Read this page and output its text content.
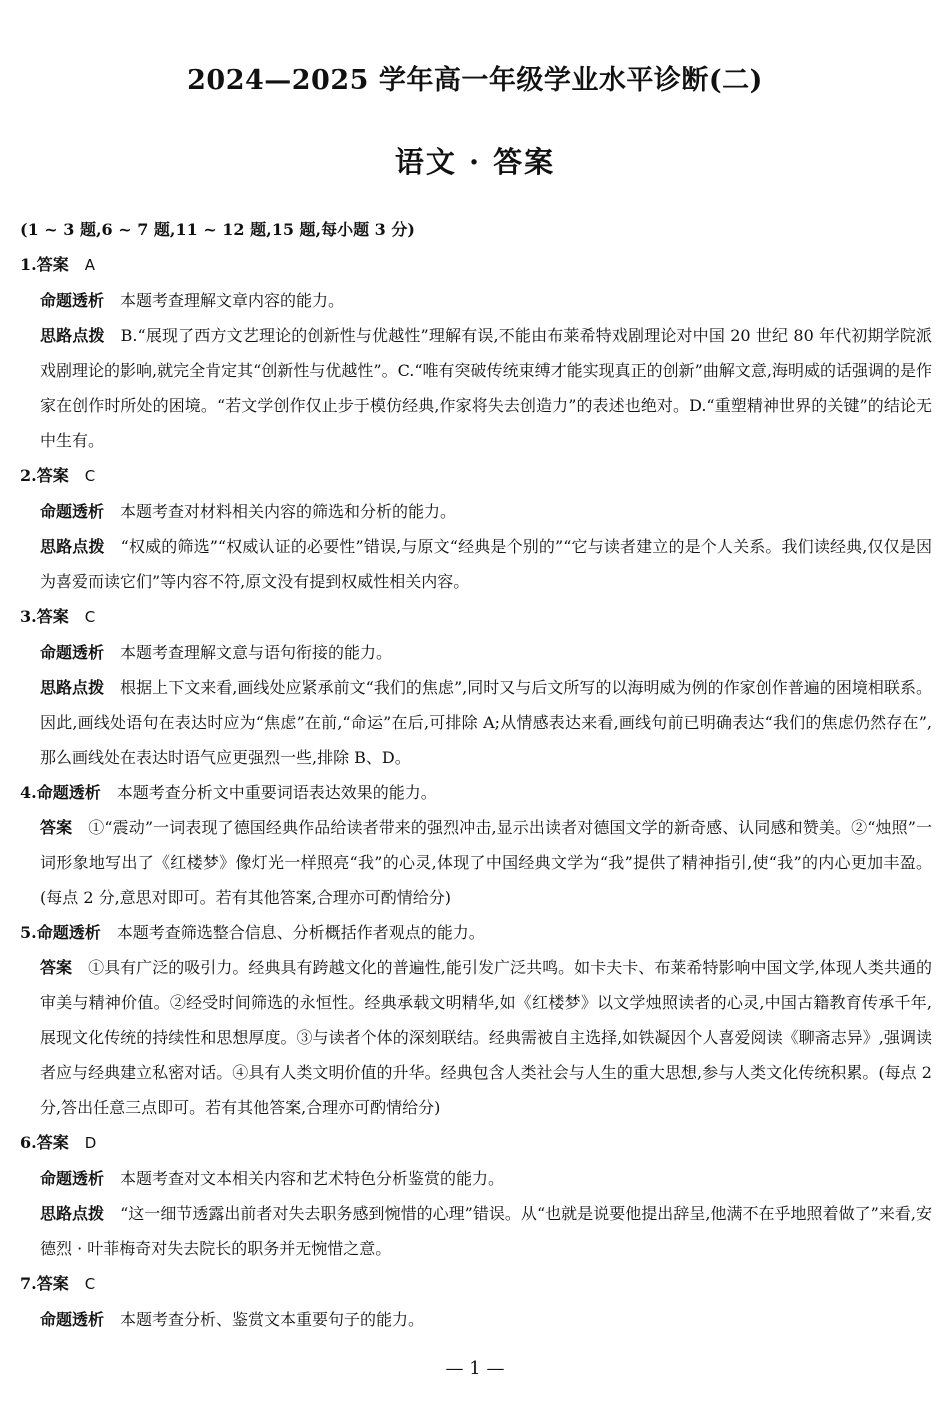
2024—2025 学年高一年级学业水平诊断(二)
语文 · 答案

(1 ~ 3 题,6 ~ 7 题,11 ~ 12 题,15 题,每小题 3 分)

1.答案 A

命题透析 本题考查理解文章内容的能力。

思路点拨 B.“展现了西方文艺理论的创新性与优越性”理解有误,不能由布莱希特戏剧理论对中国 20 世纪 80 年代初期学院派戏剧理论的影响,就完全肯定其“创新性与优越性”。C.“唯有突破传统束缚才能实现真正的创新”曲解文意,海明威的话强调的是作家在创作时所处的困境。“若文学创作仅止步于模仿经典,作家将失去创造力”的表述也绝对。D.“重塑精神世界的关键”的结论无中生有。

2.答案 C

命题透析 本题考查对材料相关内容的筛选和分析的能力。

思路点拨 “权威的筛选”“权威认证的必要性”错误,与原文“经典是个别的”“它与读者建立的是个人关系。我们读经典,仅仅是因为喜爱而读它们”等内容不符,原文没有提到权威性相关内容。

3.答案 C

命题透析 本题考查理解文意与语句衔接的能力。

思路点拨 根据上下文来看,画线处应紧承前文“我们的焦虑”,同时又与后文所写的以海明威为例的作家创作普遍的困境相联系。因此,画线处语句在表达时应为“焦虑”在前,“命运”在后,可排除 A;从情感表达来看,画线句前已明确表达“我们的焦虑仍然存在”,那么画线处在表达时语气应更强烈一些,排除 B、D。

4.命题透析 本题考查分析文中重要词语表达效果的能力。

答案 ①“震动”一词表现了德国经典作品给读者带来的强烈冲击,显示出读者对德国文学的新奇感、认同感和赞美。②“烛照”一词形象地写出了《红楼梦》像灯光一样照亮“我”的心灵,体现了中国经典文学为“我”提供了精神指引,使“我”的内心更加丰盈。(每点 2 分,意思对即可。若有其他答案,合理亦可酌情给分)

5.命题透析 本题考查筛选整合信息、分析概括作者观点的能力。

答案 ①具有广泛的吸引力。经典具有跨越文化的普遍性,能引发广泛共鸣。如卡夫卡、布莱希特影响中国文学,体现人类共通的审美与精神价值。②经受时间筛选的永恒性。经典承载文明精华,如《红楼梦》以文学烛照读者的心灵,中国古籍教育传承千年,展现文化传统的持续性和思想厚度。③与读者个体的深刻联结。经典需被自主选择,如铁凝因个人喜爱阅读《聊斋志异》,强调读者应与经典建立私密对话。④具有人类文明价值的升华。经典包含人类社会与人生的重大思想,参与人类文化传统积累。(每点 2 分,答出任意三点即可。若有其他答案,合理亦可酌情给分)

6.答案 D

命题透析 本题考查对文本相关内容和艺术特色分析鉴赏的能力。

思路点拨 “这一细节透露出前者对失去职务感到惋惜的心理”错误。从“也就是说要他提出辞呈,他满不在乎地照着做了”来看,安德烈 · 叶菲梅奇对失去院长的职务并无惋惜之意。

7.答案 C

命题透析 本题考查分析、鉴赏文本重要句子的能力。

— 1 —
